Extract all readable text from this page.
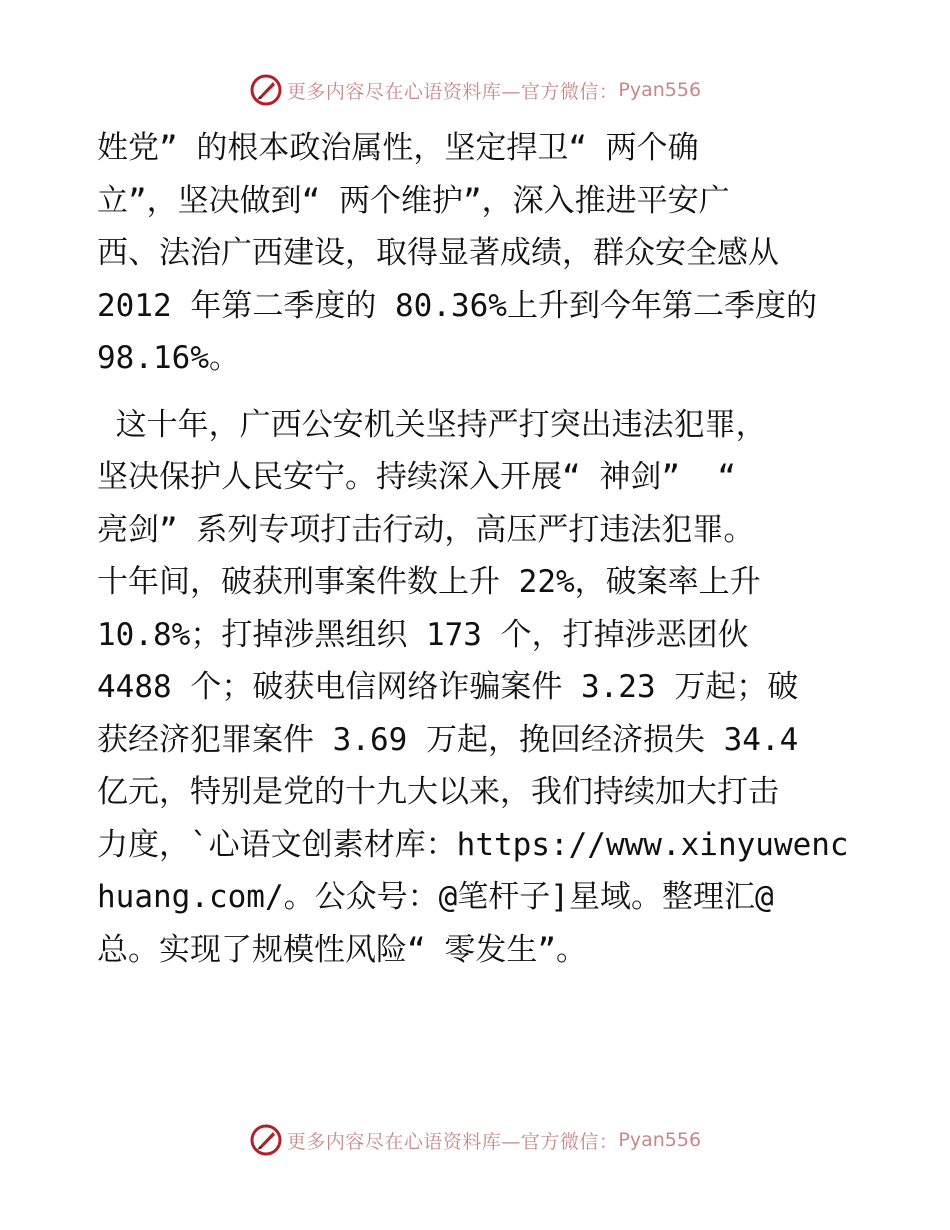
更多内容尽在心语资料库—官方微信： Pyan556

姓党” 的根本政治属性，坚定捍卫“ 两个确
立”，坚决做到“ 两个维护”，深入推进平安广
西、法治广西建设，取得显著成绩，群众安全感从
2012 年第二季度的 80.36%上升到今年第二季度的
98.16%。

这十年，广西公安机关坚持严打突出违法犯罪，
坚决保护人民安宁。持续深入开展“ 神剑”  “
亮剑” 系列专项打击行动，高压严打违法犯罪。
十年间，破获刑事案件数上升 22%，破案率上升
10.8%；打掉涉黑组织 173 个，打掉涉恶团伙
4488 个；破获电信网络诈骗案件 3.23 万起；破
获经济犯罪案件 3.69 万起，挽回经济损失 34.4
亿元，特别是党的十九大以来，我们持续加大打击
力度，`心语文创素材库：https://www.xinyuwenc
huang.com/。公众号：@笔杆子]星域。整理汇@
总。实现了规模性风险“ 零发生”。

更多内容尽在心语资料库—官方微信： Pyan556
